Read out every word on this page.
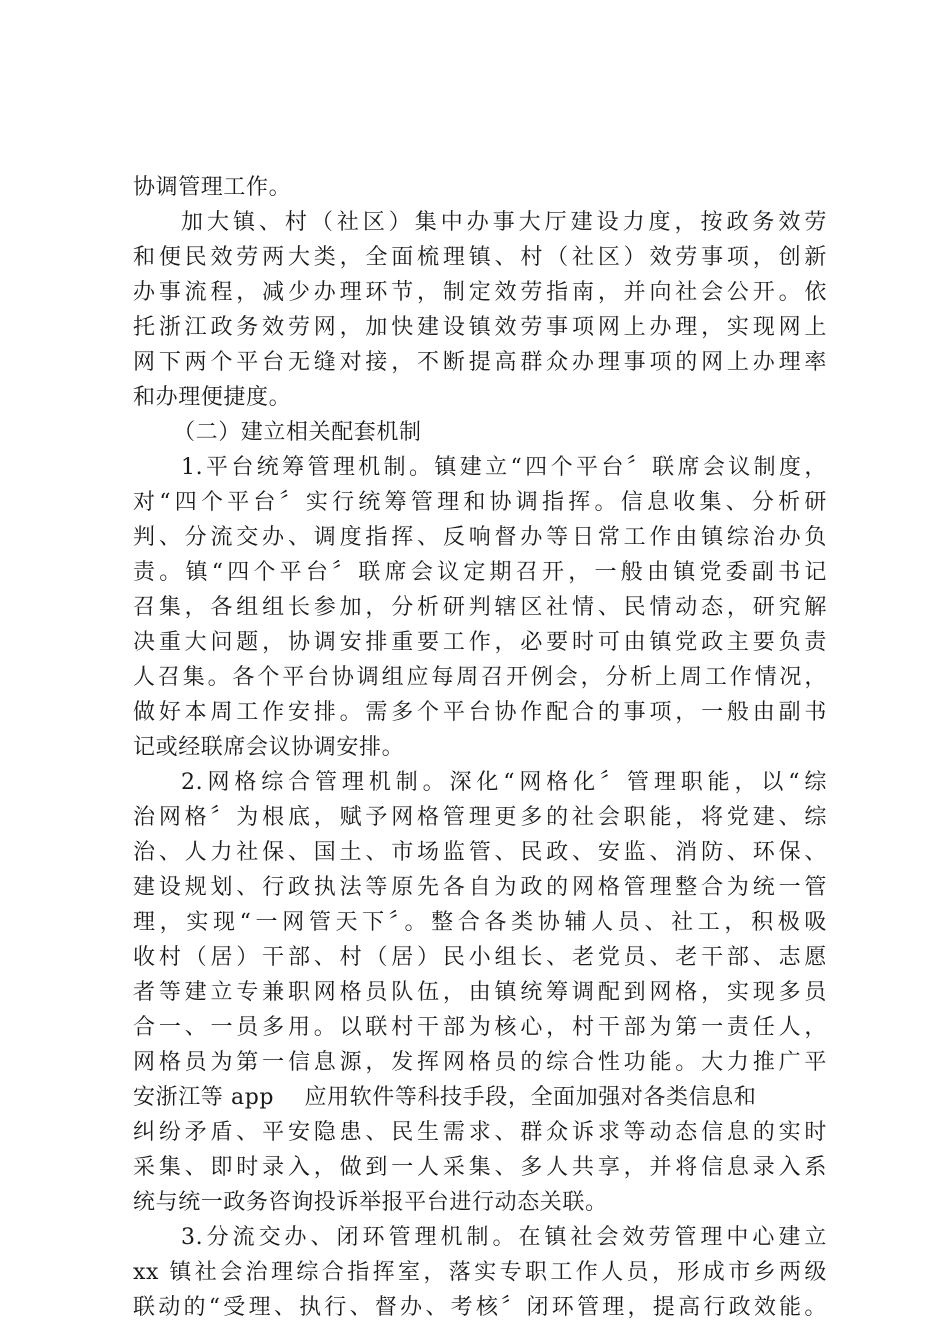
协调管理工作。
加大镇、村（社区）集中办事大厅建设力度，按政务效劳
和便民效劳两大类，全面梳理镇、村（社区）效劳事项，创新
办事流程，减少办理环节，制定效劳指南，并向社会公开。依
托浙江政务效劳网，加快建设镇效劳事项网上办理，实现网上
网下两个平台无缝对接，不断提高群众办理事项的网上办理率
和办理便捷度。
（二）建立相关配套机制
1.平台统筹管理机制。镇建立“四个平台〞联席会议制度，
对“四个平台〞实行统筹管理和协调指挥。信息收集、分析研
判、分流交办、调度指挥、反响督办等日常工作由镇综治办负
责。镇“四个平台〞联席会议定期召开，一般由镇党委副书记
召集，各组组长参加，分析研判辖区社情、民情动态，研究解
决重大问题，协调安排重要工作，必要时可由镇党政主要负责
人召集。各个平台协调组应每周召开例会，分析上周工作情况，
做好本周工作安排。需多个平台协作配合的事项，一般由副书
记或经联席会议协调安排。
2.网格综合管理机制。深化“网格化〞管理职能，以“综
治网格〞为根底，赋予网格管理更多的社会职能，将党建、综
治、人力社保、国土、市场监管、民政、安监、消防、环保、
建设规划、行政执法等原先各自为政的网格管理整合为统一管
理，实现“一网管天下〞。整合各类协辅人员、社工，积极吸
收村（居）干部、村（居）民小组长、老党员、老干部、志愿
者等建立专兼职网格员队伍，由镇统筹调配到网格，实现多员
合一、一员多用。以联村干部为核心，村干部为第一责任人，
网格员为第一信息源，发挥网格员的综合性功能。大力推广平
安浙江等 app    应用软件等科技手段，全面加强对各类信息和
纠纷矛盾、平安隐患、民生需求、群众诉求等动态信息的实时
采集、即时录入，做到一人采集、多人共享，并将信息录入系
统与统一政务咨询投诉举报平台进行动态关联。
3.分流交办、闭环管理机制。在镇社会效劳管理中心建立
xx 镇社会治理综合指挥室，落实专职工作人员，形成市乡两级
联动的“受理、执行、督办、考核〞闭环管理，提高行政效能。
